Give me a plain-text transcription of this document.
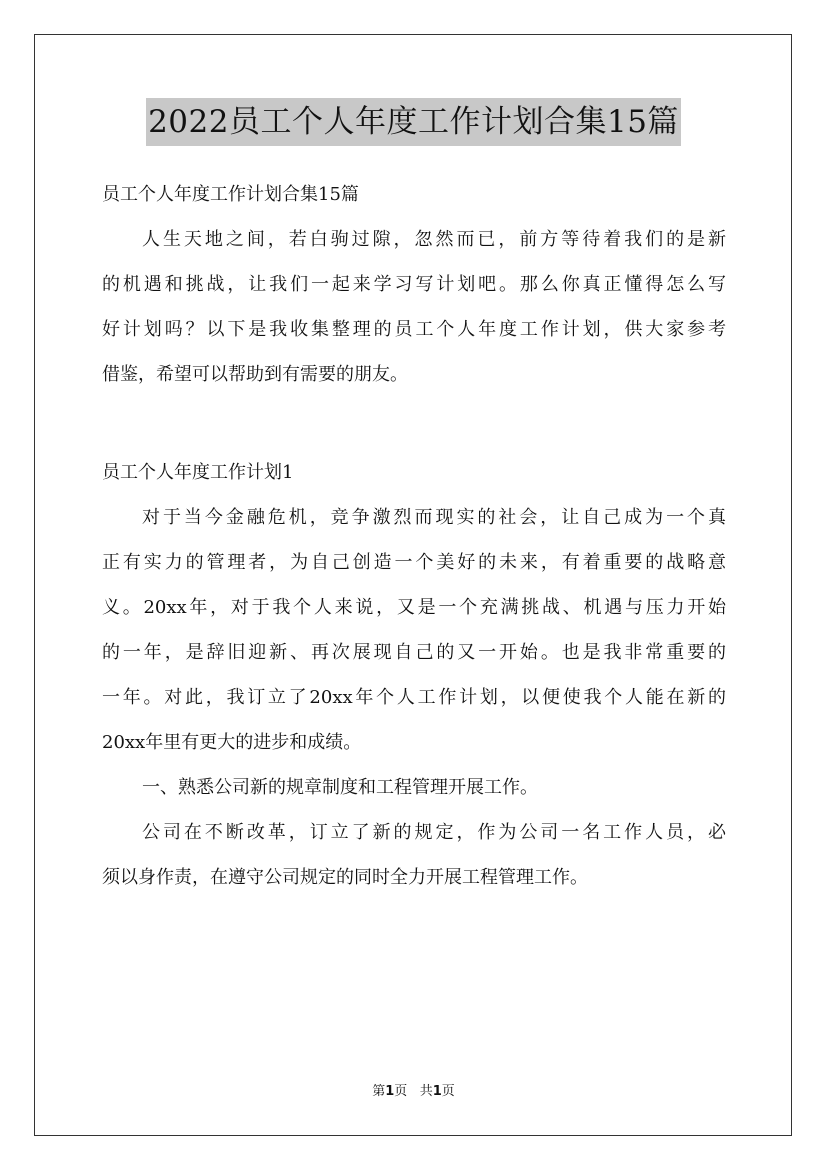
2022员工个人年度工作计划合集15篇
员工个人年度工作计划合集15篇
人生天地之间，若白驹过隙，忽然而已，前方等待着我们的是新
的机遇和挑战，让我们一起来学习写计划吧。那么你真正懂得怎么写
好计划吗？以下是我收集整理的员工个人年度工作计划，供大家参考
借鉴，希望可以帮助到有需要的朋友。
员工个人年度工作计划1
对于当今金融危机，竞争激烈而现实的社会，让自己成为一个真
正有实力的管理者，为自己创造一个美好的未来，有着重要的战略意
义。20xx年，对于我个人来说，又是一个充满挑战、机遇与压力开始
的一年，是辞旧迎新、再次展现自己的又一开始。也是我非常重要的
一年。对此，我订立了20xx年个人工作计划，以便使我个人能在新的
20xx年里有更大的进步和成绩。
一、熟悉公司新的规章制度和工程管理开展工作。
公司在不断改革，订立了新的规定，作为公司一名工作人员，必
须以身作责，在遵守公司规定的同时全力开展工程管理工作。
第1页 共1页
